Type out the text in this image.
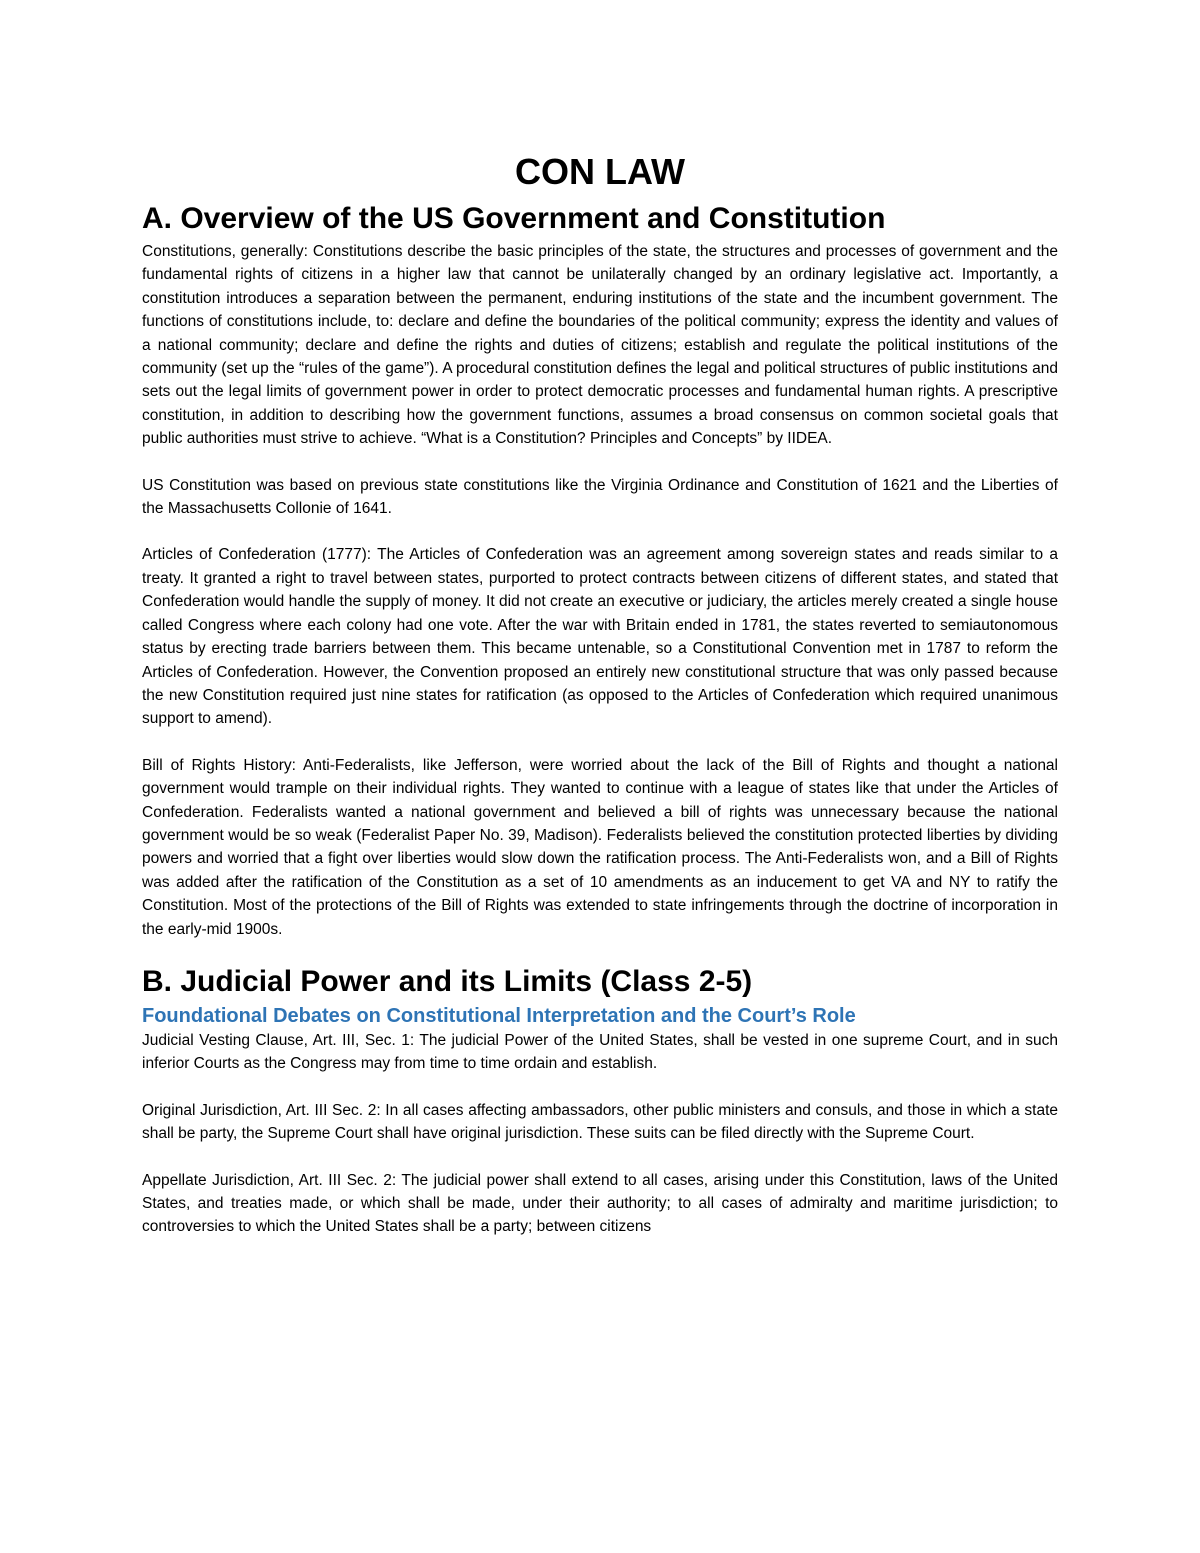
CON LAW
A. Overview of the US Government and Constitution

Constitutions, generally: Constitutions describe the basic principles of the state, the structures and processes of government and the fundamental rights of citizens in a higher law that cannot be unilaterally changed by an ordinary legislative act. Importantly, a constitution introduces a separation between the permanent, enduring institutions of the state and the incumbent government. The functions of constitutions include, to: declare and define the boundaries of the political community; express the identity and values of a national community; declare and define the rights and duties of citizens; establish and regulate the political institutions of the community (set up the “rules of the game”). A procedural constitution defines the legal and political structures of public institutions and sets out the legal limits of government power in order to protect democratic processes and fundamental human rights. A prescriptive constitution, in addition to describing how the government functions, assumes a broad consensus on common societal goals that public authorities must strive to achieve. “What is a Constitution? Principles and Concepts” by IIDEA.

US Constitution was based on previous state constitutions like the Virginia Ordinance and Constitution of 1621 and the Liberties of the Massachusetts Collonie of 1641.

Articles of Confederation (1777): The Articles of Confederation was an agreement among sovereign states and reads similar to a treaty. It granted a right to travel between states, purported to protect contracts between citizens of different states, and stated that Confederation would handle the supply of money. It did not create an executive or judiciary, the articles merely created a single house called Congress where each colony had one vote. After the war with Britain ended in 1781, the states reverted to semiautonomous status by erecting trade barriers between them. This became untenable, so a Constitutional Convention met in 1787 to reform the Articles of Confederation. However, the Convention proposed an entirely new constitutional structure that was only passed because the new Constitution required just nine states for ratification (as opposed to the Articles of Confederation which required unanimous support to amend).

Bill of Rights History: Anti-Federalists, like Jefferson, were worried about the lack of the Bill of Rights and thought a national government would trample on their individual rights. They wanted to continue with a league of states like that under the Articles of Confederation. Federalists wanted a national government and believed a bill of rights was unnecessary because the national government would be so weak (Federalist Paper No. 39, Madison). Federalists believed the constitution protected liberties by dividing powers and worried that a fight over liberties would slow down the ratification process. The Anti-Federalists won, and a Bill of Rights was added after the ratification of the Constitution as a set of 10 amendments as an inducement to get VA and NY to ratify the Constitution. Most of the protections of the Bill of Rights was extended to state infringements through the doctrine of incorporation in the early-mid 1900s.

B. Judicial Power and its Limits (Class 2-5)
Foundational Debates on Constitutional Interpretation and the Court’s Role

Judicial Vesting Clause, Art. III, Sec. 1: The judicial Power of the United States, shall be vested in one supreme Court, and in such inferior Courts as the Congress may from time to time ordain and establish.

Original Jurisdiction, Art. III Sec. 2: In all cases affecting ambassadors, other public ministers and consuls, and those in which a state shall be party, the Supreme Court shall have original jurisdiction. These suits can be filed directly with the Supreme Court.

Appellate Jurisdiction, Art. III Sec. 2: The judicial power shall extend to all cases, arising under this Constitution, laws of the United States, and treaties made, or which shall be made, under their authority; to all cases of admiralty and maritime jurisdiction; to controversies to which the United States shall be a party; between citizens
